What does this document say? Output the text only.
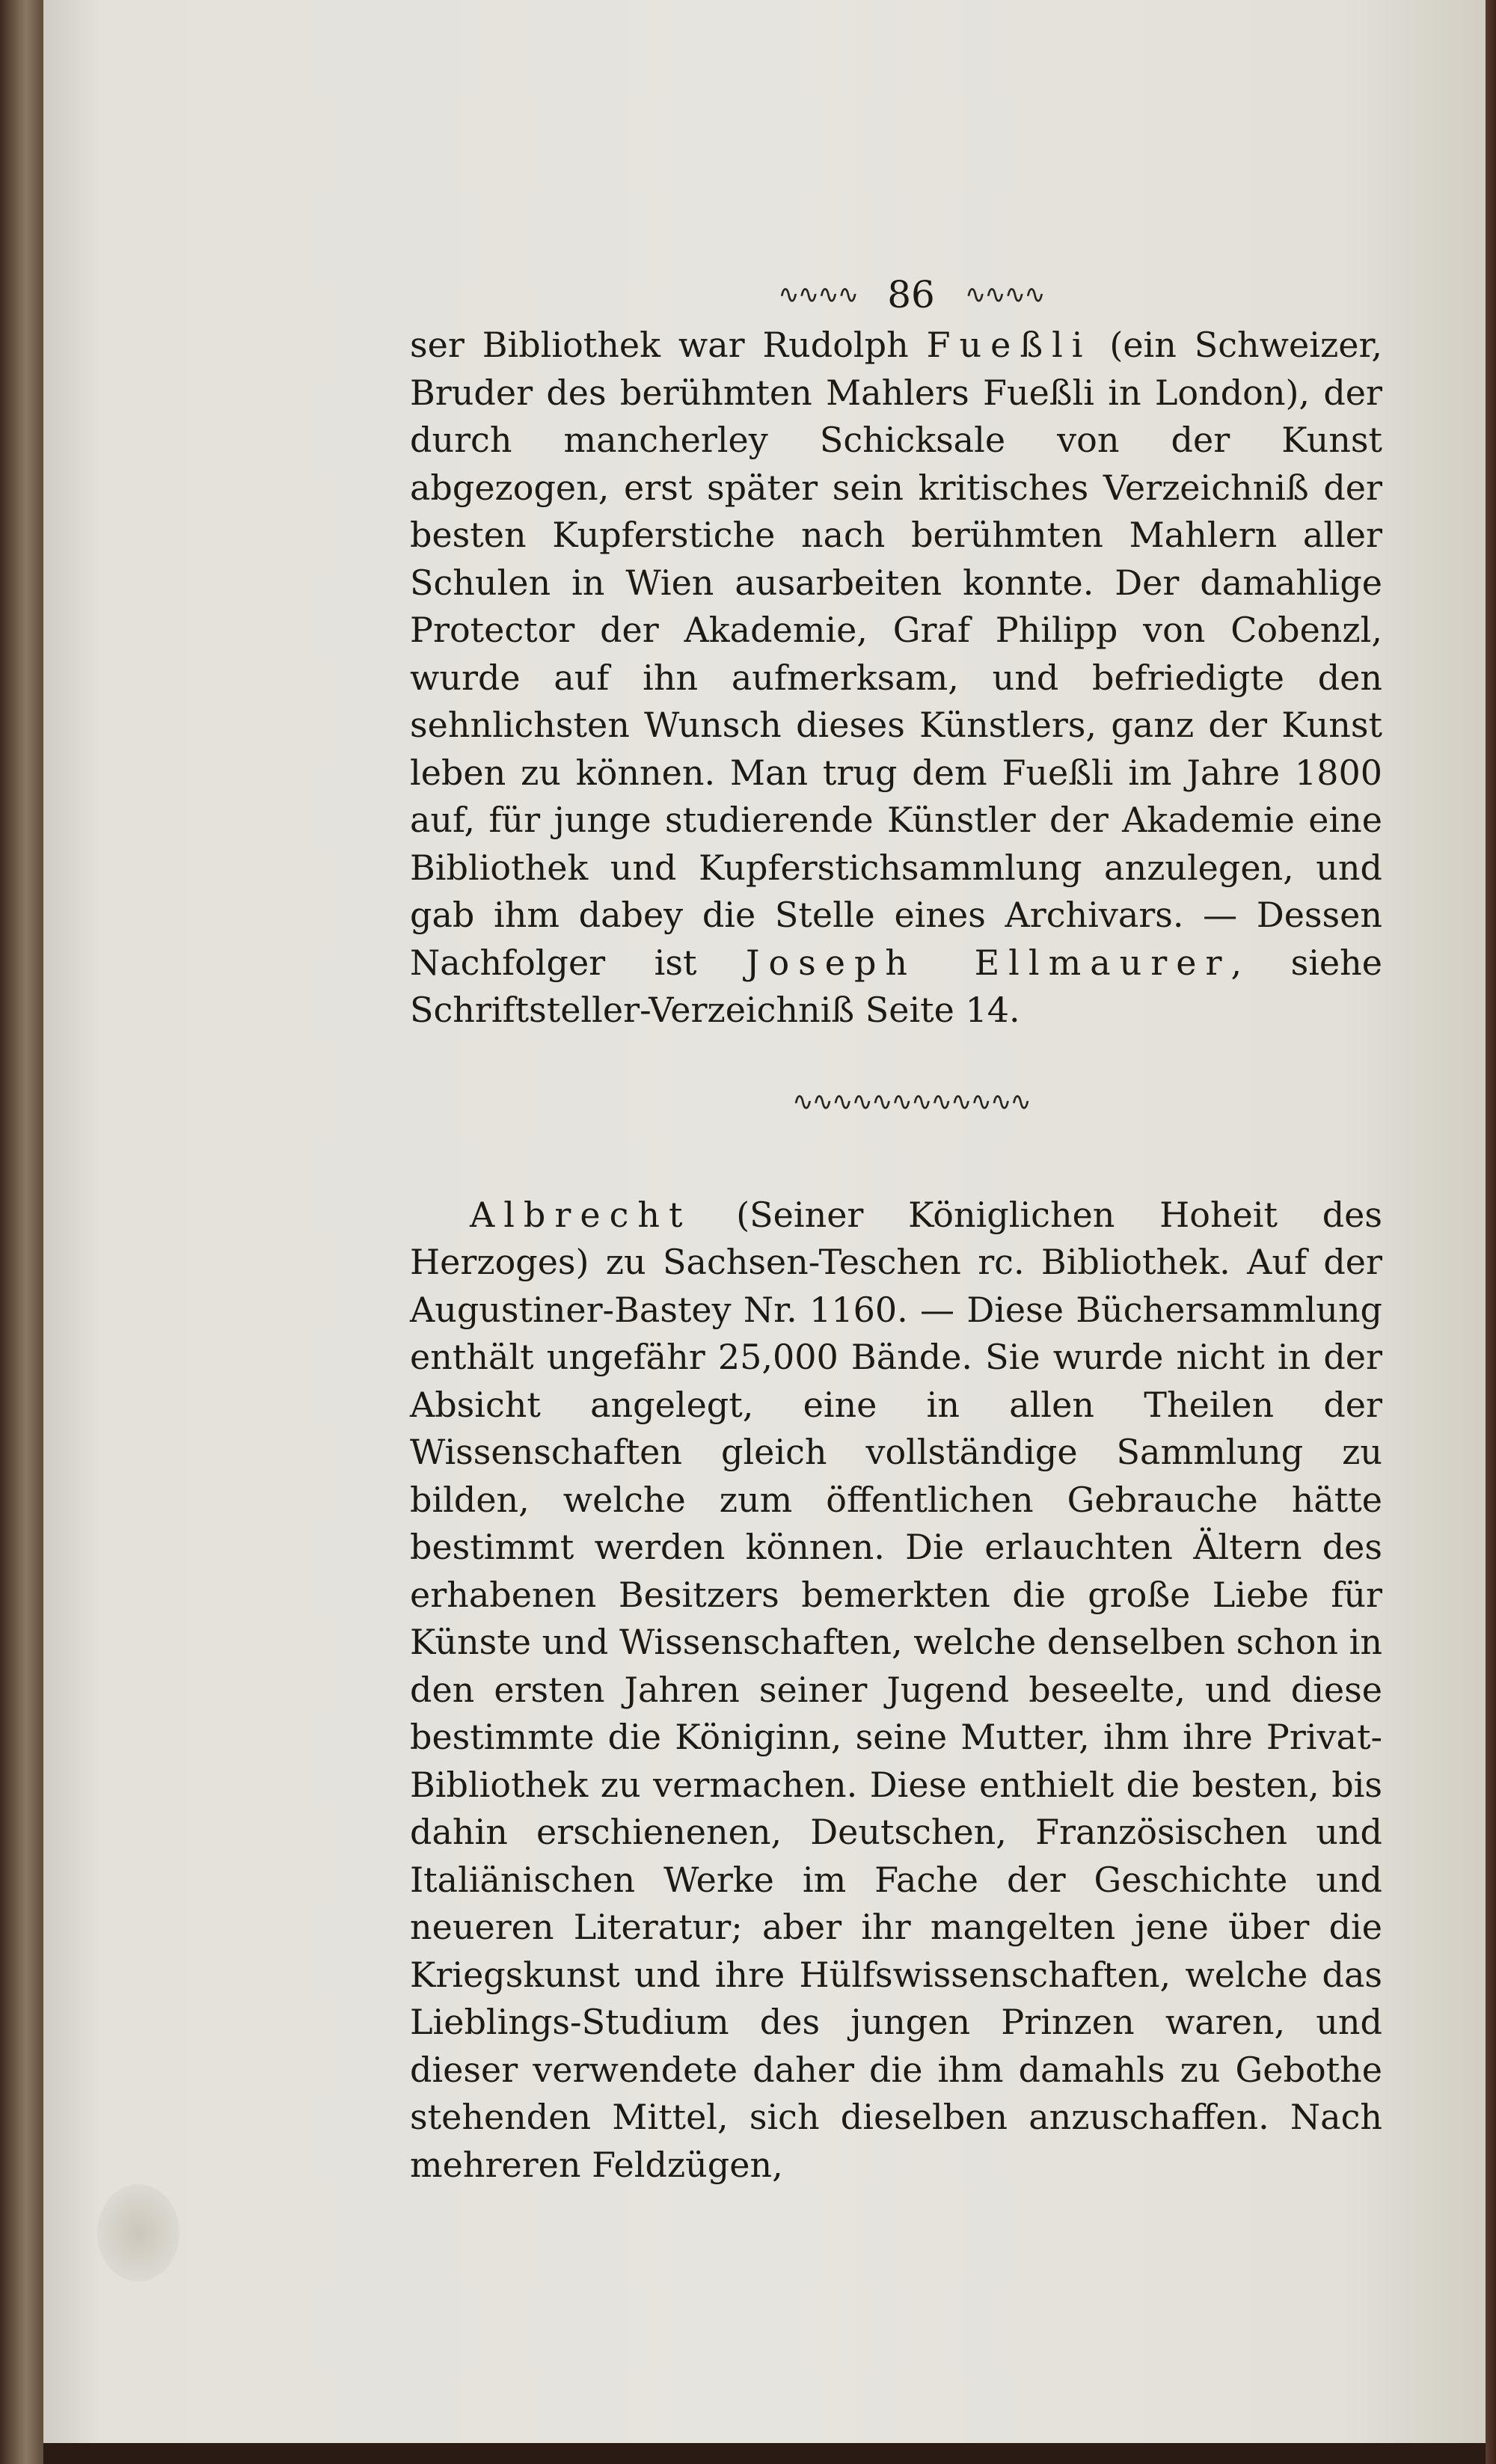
∿∿∿∿ 86 ∿∿∿∿

ser Bibliothek war Rudolph Fueßli (ein Schweizer, Bruder des berühmten Mahlers Fueßli in London), der durch mancherley Schicksale von der Kunst abgezogen, erst später sein kritisches Verzeichniß der besten Kupferstiche nach berühmten Mahlern aller Schulen in Wien ausarbeiten konnte. Der damahlige Protector der Akademie, Graf Philipp von Cobenzl, wurde auf ihn aufmerksam, und befriedigte den sehnlichsten Wunsch dieses Künstlers, ganz der Kunst leben zu können. Man trug dem Fueßli im Jahre 1800 auf, für junge studierende Künstler der Akademie eine Bibliothek und Kupferstichsammlung anzulegen, und gab ihm dabey die Stelle eines Archivars. — Dessen Nachfolger ist Joseph Ellmaurer, siehe Schriftsteller-Verzeichniß Seite 14.

∿∿∿∿∿∿∿∿∿∿∿∿

Albrecht (Seiner Königlichen Hoheit des Herzoges) zu Sachsen-Teschen rc. Bibliothek. Auf der Augustiner-Bastey Nr. 1160. — Diese Büchersammlung enthält ungefähr 25,000 Bände. Sie wurde nicht in der Absicht angelegt, eine in allen Theilen der Wissenschaften gleich vollständige Sammlung zu bilden, welche zum öffentlichen Gebrauche hätte bestimmt werden können. Die erlauchten Ältern des erhabenen Besitzers bemerkten die große Liebe für Künste und Wissenschaften, welche denselben schon in den ersten Jahren seiner Jugend beseelte, und diese bestimmte die Königinn, seine Mutter, ihm ihre Privat-Bibliothek zu vermachen. Diese enthielt die besten, bis dahin erschienenen, Deutschen, Französischen und Italiänischen Werke im Fache der Geschichte und neueren Literatur; aber ihr mangelten jene über die Kriegskunst und ihre Hülfswissenschaften, welche das Lieblings-Studium des jungen Prinzen waren, und dieser verwendete daher die ihm damahls zu Gebothe stehenden Mittel, sich dieselben anzuschaffen. Nach mehreren Feldzügen,
